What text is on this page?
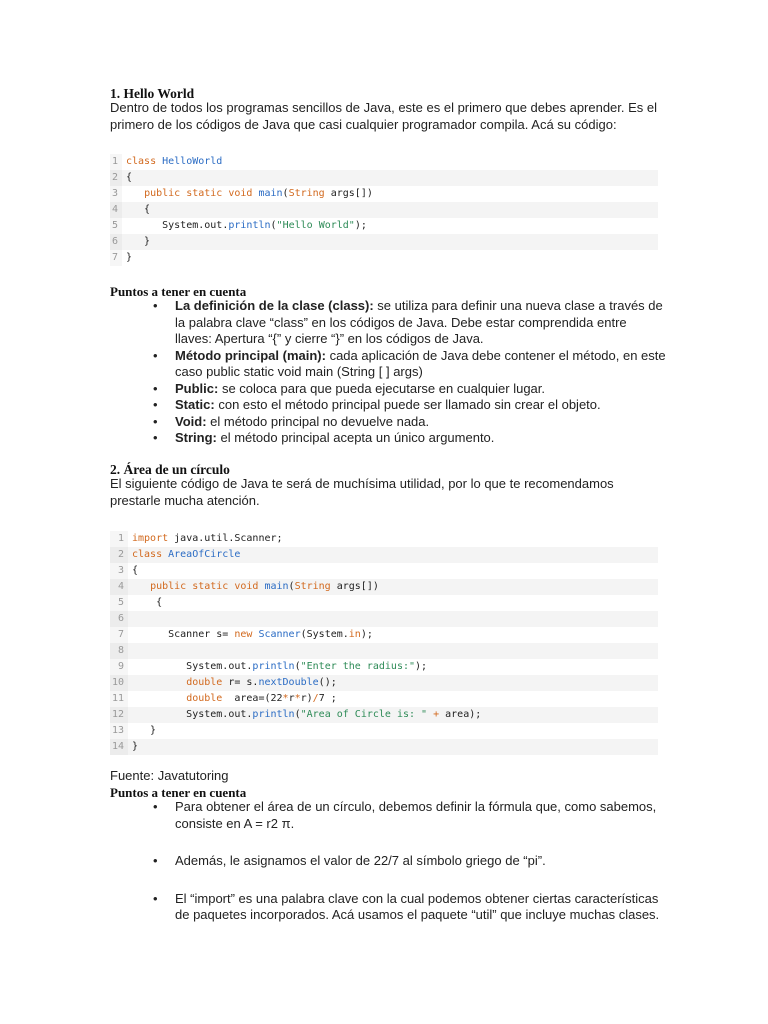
1. Hello World
Dentro de todos los programas sencillos de Java, este es el primero que debes aprender. Es el
primero de los códigos de Java que casi cualquier programador compila. Acá su código:
1 class HelloWorld
2 {
3
	public static void main ( String args[])
4 {
5 System.out. println ( "Hello World" );
6 }
7 }
Puntos a tener en cuenta
• La definición de la clase (class): se utiliza para definir una nueva clase a través de
la palabra clave “class” en los códigos de Java. Debe estar comprendida entre
llaves: Apertura “{” y cierre “}” en los códigos de Java.
• Método principal (main): cada aplicación de Java debe contener el método, en este
caso public static void main (String [ ] args)
• Public: se coloca para que pueda ejecutarse en cualquier lugar.
• Static: con esto el método principal puede ser llamado sin crear el objeto.
• Void: el método principal no devuelve nada.
• String: el método principal acepta un único argumento.
2. Área de un círculo
El siguiente código de Java te será de muchísima utilidad, por lo que te recomendamos
prestarle mucha atención.
1 import java.util.Scanner;
2 class AreaOfCircle
3 {
4
	public static void main ( String args[])
5 {
6
7 Scanner s= new Scanner (System. in );
8
9 System.out. println ( "Enter the radius:" );
10
	double r= s. nextDouble ();
11
	double area=(22 * r * r) / 7 ;
12 System.out. println ( "Area of Circle is: "
+ area);
13 }
14 }
Fuente: Javatutoring
Puntos a tener en cuenta
• Para obtener el área de un círculo, debemos definir la fórmula que, como sabemos,
consiste en A = r2 π.
• Además, le asignamos el valor de 22/7 al símbolo griego de “pi”.
• El “import” es una palabra clave con la cual podemos obtener ciertas características
de paquetes incorporados. Acá usamos el paquete “util” que incluye muchas clases.
